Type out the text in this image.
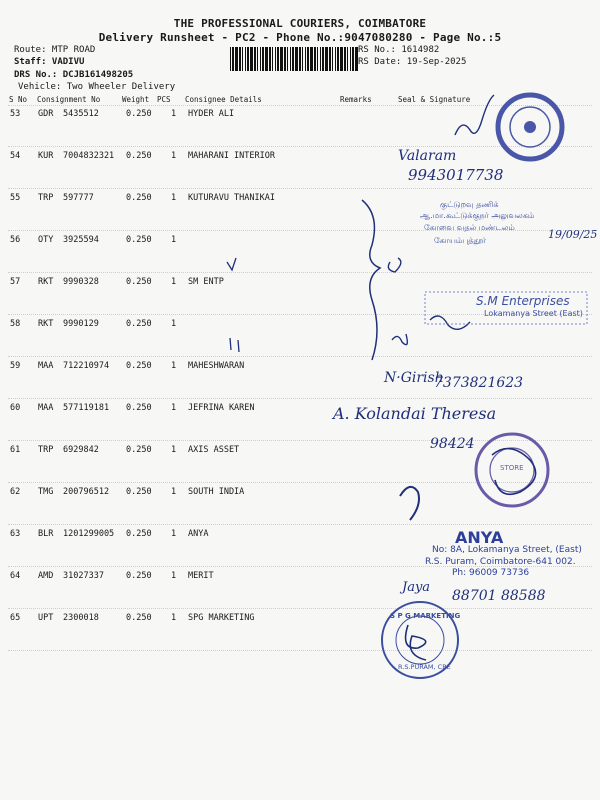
THE PROFESSIONAL COURIERS, COIMBATORE
Delivery Runsheet - PC2 - Phone No.:9047080280 - Page No.:5
Route: MTP ROAD
Staff: VADIVU
DRS No.: DCJB161498205
Vehicle: Two Wheeler Delivery
RS No.: 1614982
RS Date: 19-Sep-2025
S No Consignment No	Weight PCS Consignee Details	Remarks	Seal & Signature
53 GDR 5435512	0.250 1 HYDER ALI
54 KUR 7004832321 0.250 1 MAHARANI INTERIOR
55 TRP 597777	0.250 1 KUTURAVU THANIKAI
56 OTY 3925594	0.250 1
57 RKT 9990328	0.250 1 SM ENTP
58 RKT 9990129	0.250 1
59 MAA 712210974 0.250 1 MAHESHWARAN
60 MAA 577119181 0.250 1 JEFRINA KAREN
61 TRP 6929842	0.250 1 AXIS ASSET
62 TMG 200796512 0.250 1 SOUTH INDIA
63 BLR 1201299005 0.250 1 ANYA
64 AMD 31027337	0.250 1 MERIT
65 UPT 2300018	0.250 1 SPG MARKETING
Valaram
9943017738
19/09/25
N·Girish
7373821623
A. Kolandai Theresa
98424
Jaya
88701 88588
குட்டுறவு தணிக்
ஆ.மா.கூட்டுக்குநர் அலுவலகம்
கோவை வதல் மண்டலம்
கோயம்புத்தூர்
S.M Enterprises
Lokamanya Street (East)
STORE
ANYA
No: 8A, Lokamanya Street, (East)
R.S. Puram, Coimbatore-641 002.
Ph: 96009 73736
S P G MARKETING
R.S.PURAM, CBE
